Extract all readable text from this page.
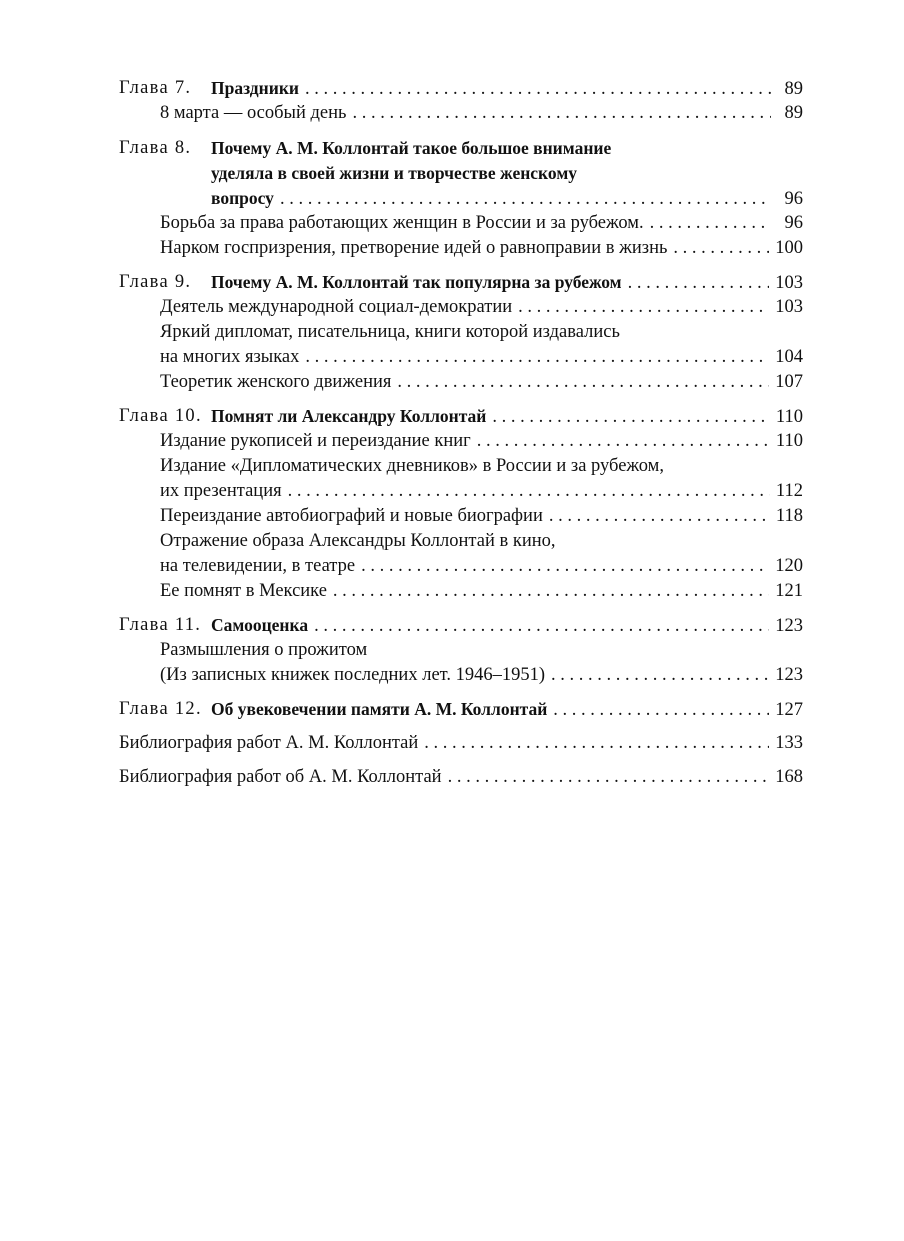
Глава 7. Праздники . . .	89
8 марта — особый день . . .	89
Глава 8. Почему А. М. Коллонтай такое большое внимание
уделяла в своей жизни и творчестве женскому
вопросу . . .	96
Борьба за права работающих женщин в России и за рубежом. . . .	96
Нарком госпризрения, претворение идей о равноправии в жизнь . . .	100
Глава 9. Почему А. М. Коллонтай так популярна за рубежом . . .	103
Деятель международной социал-демократии . . .	103
Яркий дипломат, писательница, книги которой издавались
на многих языках . . .	104
Теоретик женского движения . . .	107
Глава 10. Помнят ли Александру Коллонтай . . .	110
Издание рукописей и переиздание книг . . .	110
Издание «Дипломатических дневников» в России и за рубежом,
их презентация . . .	112
Переиздание автобиографий и новые биографии . . .	118
Отражение образа Александры Коллонтай в кино,
на телевидении, в театре . . .	120
Ее помнят в Мексике . . .	121
Глава 11. Самооценка . . .	123
Размышления о прожитом
(Из записных книжек последних лет. 1946–1951) . . .	123
Глава 12. Об увековечении памяти А. М. Коллонтай . . .	127
Библиография работ А. М. Коллонтай . . .	133
Библиография работ об А. М. Коллонтай . . .	168
